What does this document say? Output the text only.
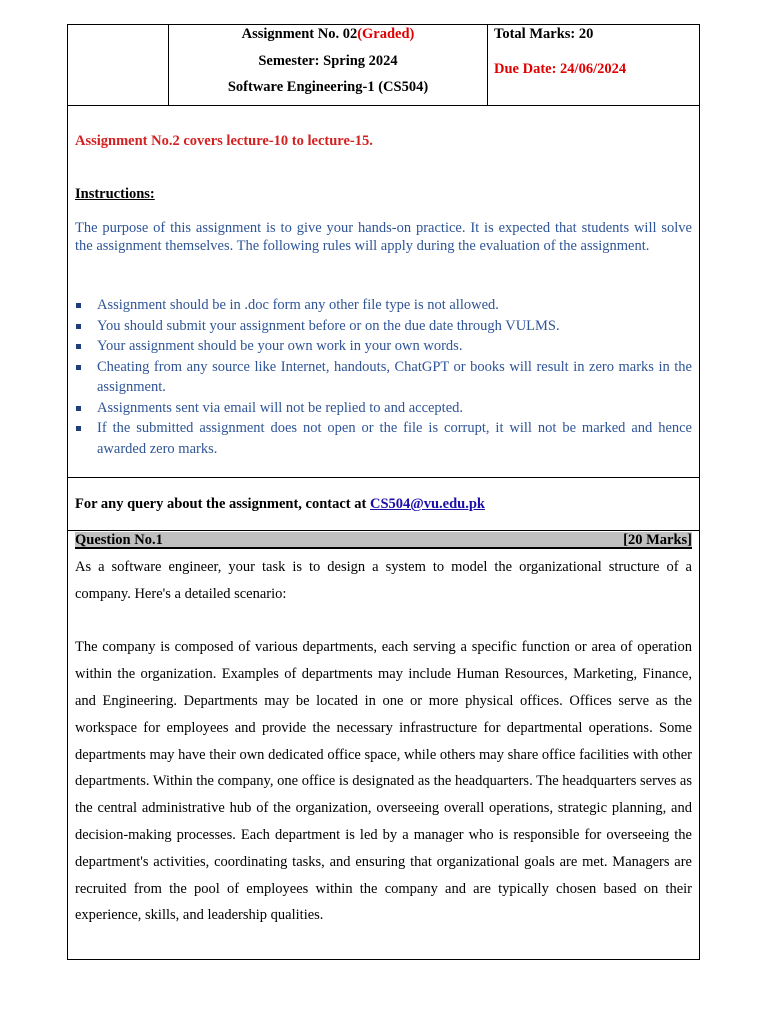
Assignment No. 02(Graded)
Semester: Spring 2024
Software Engineering-1 (CS504)
Total Marks: 20
Due Date: 24/06/2024
Assignment No.2 covers lecture-10 to lecture-15.
Instructions:
The purpose of this assignment is to give your hands-on practice. It is expected that students will solve the assignment themselves. The following rules will apply during the evaluation of the assignment.
Assignment should be in .doc form any other file type is not allowed.
You should submit your assignment before or on the due date through VULMS.
Your assignment should be your own work in your own words.
Cheating from any source like Internet, handouts, ChatGPT or books will result in zero marks in the assignment.
Assignments sent via email will not be replied to and accepted.
If the submitted assignment does not open or the file is corrupt, it will not be marked and hence awarded zero marks.
For any query about the assignment, contact at CS504@vu.edu.pk
Question No.1	[20 Marks]

As a software engineer, your task is to design a system to model the organizational structure of a company. Here's a detailed scenario:

The company is composed of various departments, each serving a specific function or area of operation within the organization. Examples of departments may include Human Resources, Marketing, Finance, and Engineering. Departments may be located in one or more physical offices. Offices serve as the workspace for employees and provide the necessary infrastructure for departmental operations. Some departments may have their own dedicated office space, while others may share office facilities with other departments. Within the company, one office is designated as the headquarters. The headquarters serves as the central administrative hub of the organization, overseeing overall operations, strategic planning, and decision-making processes. Each department is led by a manager who is responsible for overseeing the department's activities, coordinating tasks, and ensuring that organizational goals are met. Managers are recruited from the pool of employees within the company and are typically chosen based on their experience, skills, and leadership qualities.
